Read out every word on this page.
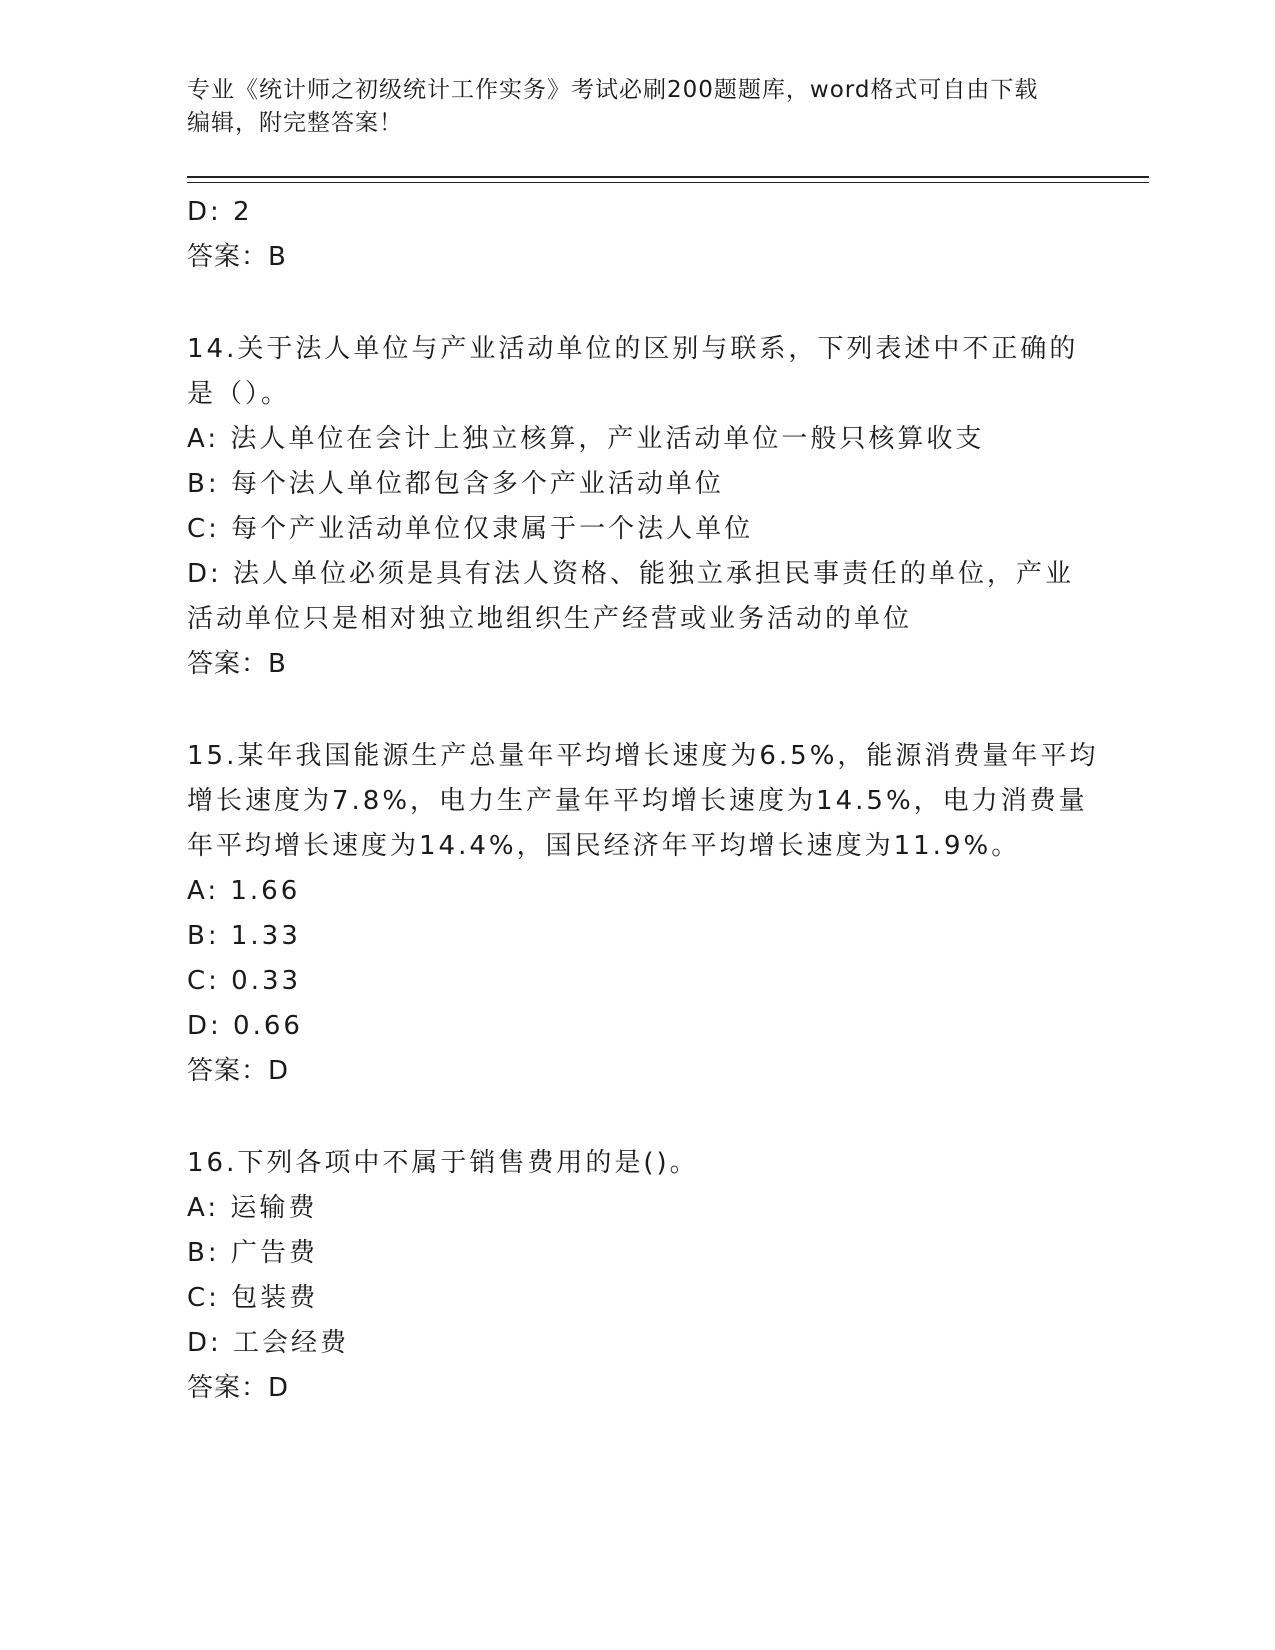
专业《统计师之初级统计工作实务》考试必刷200题题库，word格式可自由下载
编辑，附完整答案！
D: 2
答案：B
14.关于法人单位与产业活动单位的区别与联系，下列表述中不正确的
是（）。
A: 法人单位在会计上独立核算，产业活动单位一般只核算收支
B: 每个法人单位都包含多个产业活动单位
C: 每个产业活动单位仅隶属于一个法人单位
D: 法人单位必须是具有法人资格、能独立承担民事责任的单位，产业
活动单位只是相对独立地组织生产经营或业务活动的单位
答案：B
15.某年我国能源生产总量年平均增长速度为6.5%，能源消费量年平均
增长速度为7.8%，电力生产量年平均增长速度为14.5%，电力消费量
年平均增长速度为14.4%，国民经济年平均增长速度为11.9%。
A: 1.66
B: 1.33
C: 0.33
D: 0.66
答案：D
16.下列各项中不属于销售费用的是()。
A: 运输费
B: 广告费
C: 包装费
D: 工会经费
答案：D
